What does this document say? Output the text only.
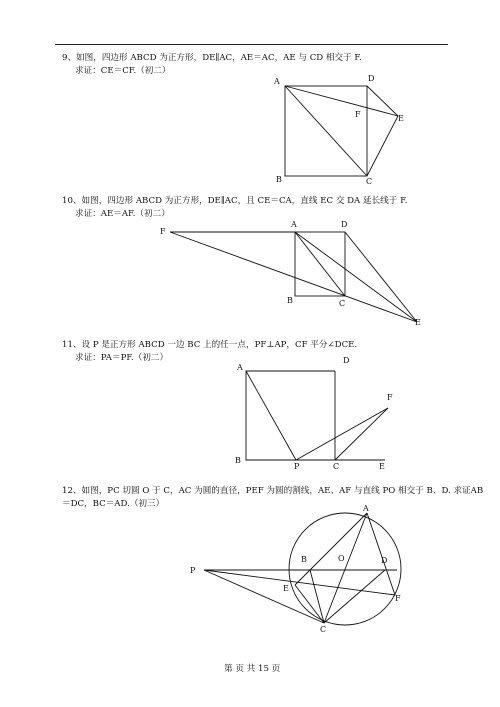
9、如图，四边形 ABCD 为正方形，DE∥AC，AE＝AC，AE 与 CD 相交于 F.
求证：CE＝CF.（初二）
10、如图，四边形 ABCD 为正方形，DE∥AC，且 CE＝CA，直线 EC 交 DA 延长线于 F.
求证：AE＝AF.（初二）
11、设 P 是正方形 ABCD 一边 BC 上的任一点，PF⊥AP，CF 平分∠DCE.
求证：PA＝PF.（初二）
12、如图，PC 切圆 O 于 C，AC 为圆的直径，PEF 为圆的割线，AE、AF 与直线 PO 相交于 B、D. 求证AB
＝DC，BC＝AD.（初三）
A	D
F	E
B	C
F
A	D
B	C
E
A
D
F
B
P	C	E
P
A
B	O	D
E
F
C
第 页 共 15 页
